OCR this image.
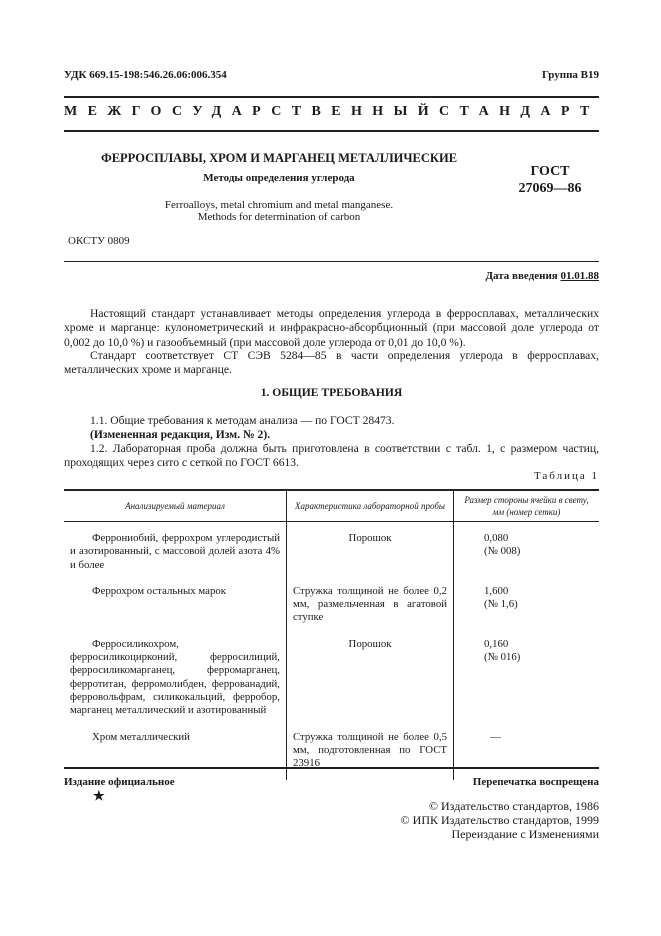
УДК 669.15-198:546.26.06:006.354	Группа В19
МЕЖГОСУДАРСТВЕННЫЙ СТАНДАРТ
ФЕРРОСПЛАВЫ, ХРОМ И МАРГАНЕЦ МЕТАЛЛИЧЕСКИЕ
Методы определения углерода
Ferroalloys, metal chromium and metal manganese.
Methods for determination of carbon
ГОСТ
27069—86
ОКСТУ 0809
Дата введения 01.01.88
Настоящий стандарт устанавливает методы определения углерода в ферросплавах, металлических хроме и марганце: кулонометрический и инфракрасно-абсорбционный (при массовой доле углерода от 0,002 до 10,0 %) и газообъемный (при массовой доле углерода от 0,01 до 10,0 %).
Стандарт соответствует СТ СЭВ 5284—85 в части определения углерода в ферросплавах, металлических хроме и марганце.
1. ОБЩИЕ ТРЕБОВАНИЯ
1.1. Общие требования к методам анализа — по ГОСТ 28473.
(Измененная редакция, Изм. № 2).
1.2. Лабораторная проба должна быть приготовлена в соответствии с табл. 1, с размером частиц, проходящих через сито с сеткой по ГОСТ 6613.
Таблица 1
Анализируемый материал	Характеристика лабораторной пробы	Размер стороны ячейки в свету, мм (номер сетки)
Феррониобий, феррохром углеродистый и азотированный, с массовой долей азота 4% и более	Порошок	0,080
(№ 008)
Феррохром остальных марок	Стружка толщиной не более 0,2 мм, размельченная в агатовой ступке	1,600
(№ 1,6)
Ферросиликохром, ферросиликоцирконий, ферросилиций, ферросиликомарганец, ферромарганец, ферротитан, ферромолибден, феррованадий, ферровольфрам, силикокальций, ферробор, марганец металлический и азотированный	Порошок	0,160
(№ 016)
Хром металлический	Стружка толщиной не более 0,5 мм, подготовленная по ГОСТ 23916	—
Издание официальное
★
Перепечатка воспрещена
© Издательство стандартов, 1986
© ИПК Издательство стандартов, 1999
Переиздание с Изменениями
